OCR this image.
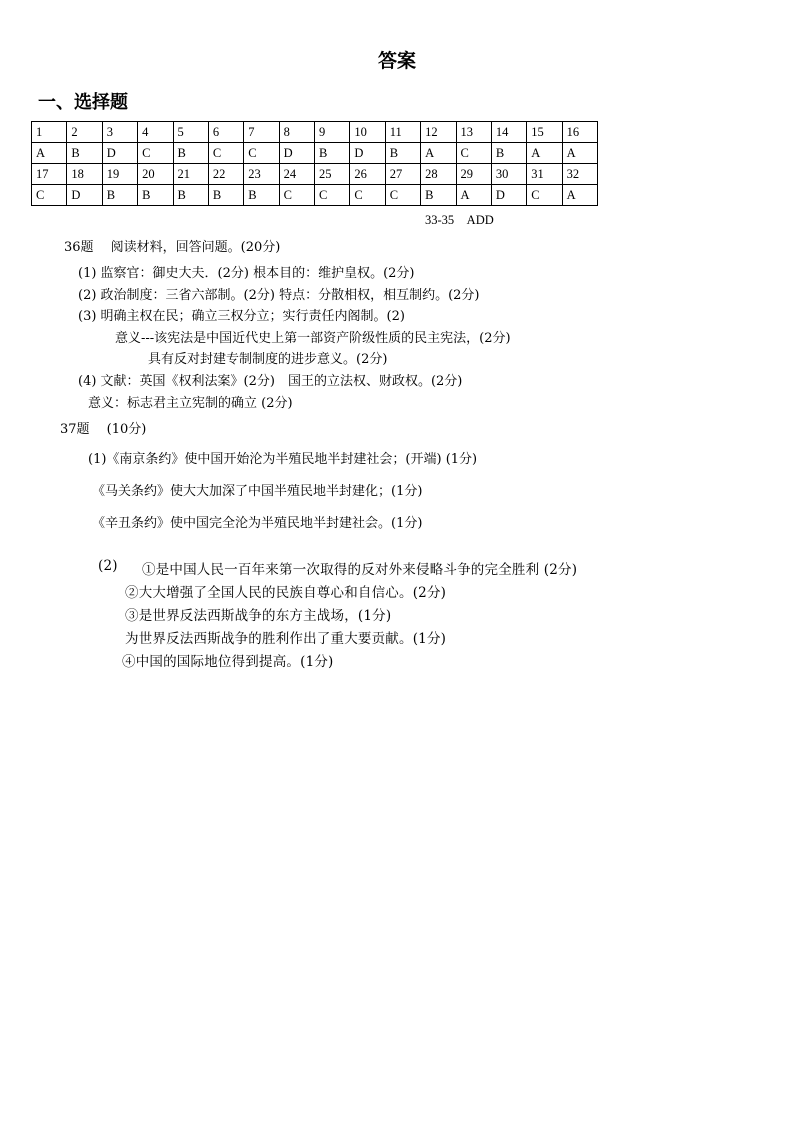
答案
一、选择题
1	2	3	4	5	6	7	8	9	10	11	12	13	14	15	16
A	B	D	C	B	C	C	D	B	D	B	A	C	B	A	A
17	18	19	20	21	22	23	24	25	26	27	28	29	30	31	32
C	D	B	B	B	B	B	C	C	C	C	B	A	D	C	A
33-35　ADD
36题　 阅读材料，回答问题。(20分)
(1) 监察官：御史大夫．(2分) 根本目的：维护皇权。(2分)
(2) 政治制度：三省六部制。(2分) 特点：分散相权，相互制约。(2分)
(3) 明确主权在民；确立三权分立；实行责任内阁制。(2)
意义---该宪法是中国近代史上第一部资产阶级性质的民主宪法，(2分)
具有反对封建专制制度的进步意义。(2分)
(4) 文献：英国《权利法案》(2分)　国王的立法权、财政权。(2分)
意义：标志君主立宪制的确立 (2分)
37题　 (10分)
(1)《南京条约》使中国开始沦为半殖民地半封建社会；(开端) (1分)
《马关条约》使大大加深了中国半殖民地半封建化；(1分)
《辛丑条约》使中国完全沦为半殖民地半封建社会。(1分)
(2) ①是中国人民一百年来第一次取得的反对外来侵略斗争的完全胜利 (2分)
②大大增强了全国人民的民族自尊心和自信心。(2分)
③是世界反法西斯战争的东方主战场，(1分)
为世界反法西斯战争的胜利作出了重大要贡献。(1分)
④中国的国际地位得到提高。(1分)
